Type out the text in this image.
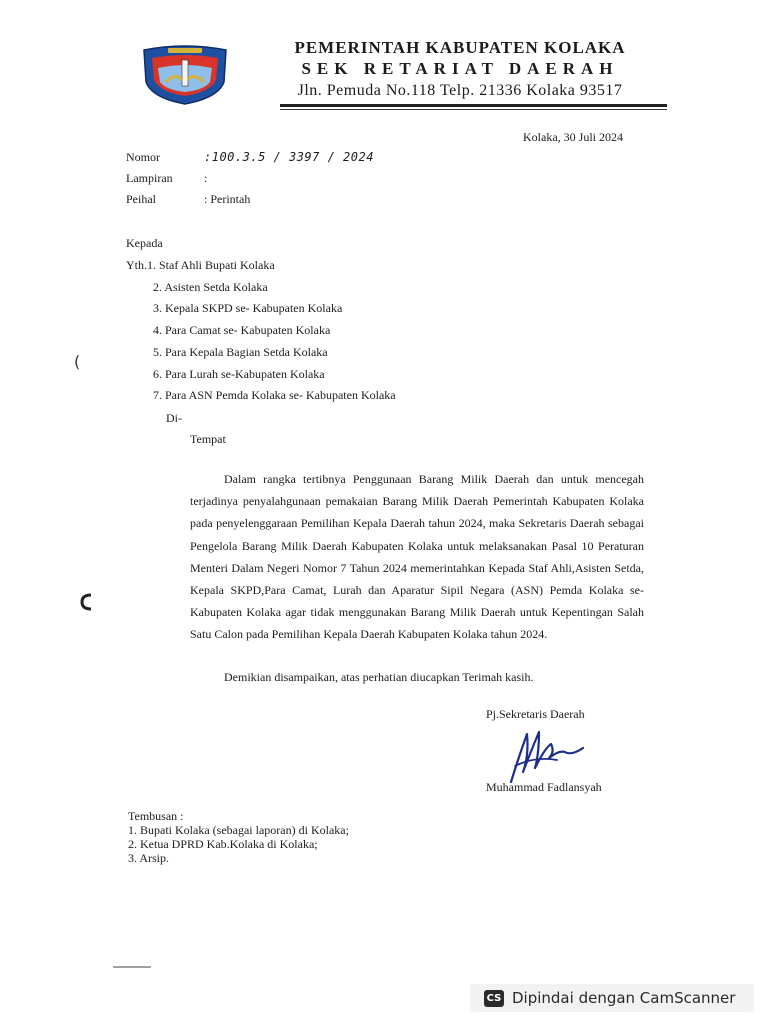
PEMERINTAH KABUPATEN KOLAKA
SEK RETARIAT DAERAH
Jln. Pemuda No.118 Telp. 21336 Kolaka 93517
Kolaka, 30 Juli 2024
Nomor	:100.3.5 / 3397 / 2024
Lampiran	:
Peihal	: Perintah
Kepada
Yth.1. Staf Ahli Bupati Kolaka
2. Asisten Setda Kolaka
3. Kepala SKPD se- Kabupaten Kolaka
4. Para Camat se- Kabupaten Kolaka
5. Para Kepala Bagian Setda Kolaka
6. Para Lurah se-Kabupaten Kolaka
7. Para ASN Pemda Kolaka se- Kabupaten Kolaka
Di-
Tempat
Dalam rangka tertibnya Penggunaan Barang Milik Daerah dan untuk mencegah terjadinya penyalahgunaan pemakaian Barang Milik Daerah Pemerintah Kabupaten Kolaka pada penyelenggaraan Pemilihan Kepala Daerah tahun 2024, maka Sekretaris Daerah sebagai Pengelola Barang Milik Daerah Kabupaten Kolaka untuk melaksanakan Pasal 10 Peraturan Menteri Dalam Negeri Nomor 7 Tahun 2024 memerintahkan Kepada Staf Ahli,Asisten Setda, Kepala SKPD,Para Camat, Lurah dan Aparatur Sipil Negara (ASN) Pemda Kolaka se-Kabupaten Kolaka agar tidak menggunakan Barang Milik Daerah untuk Kepentingan Salah Satu Calon pada Pemilihan Kepala Daerah Kabupaten Kolaka tahun 2024.
Demikian disampaikan, atas perhatian diucapkan Terimah kasih.
Pj.Sekretaris Daerah
Muhammad Fadlansyah
Tembusan :
1. Bupati Kolaka (sebagai laporan) di Kolaka;
2. Ketua DPRD Kab.Kolaka di Kolaka;
3. Arsip.
(
CS Dipindai dengan CamScanner
